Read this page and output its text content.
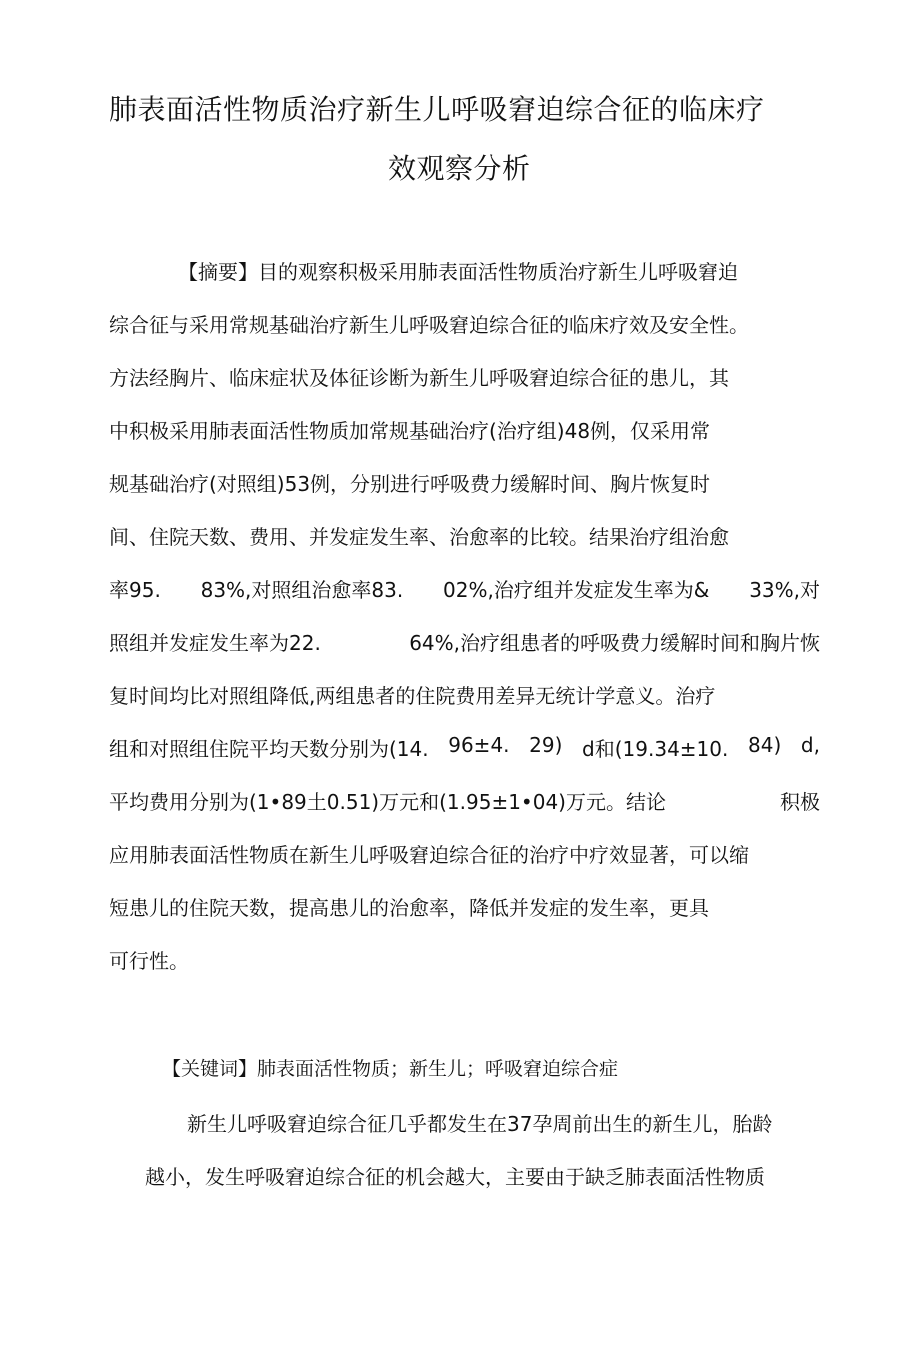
肺表面活性物质治疗新生儿呼吸窘迫综合征的临床疗
效观察分析
【摘要】目的观察积极采用肺表面活性物质治疗新生儿呼吸窘迫
综合征与采用常规基础治疗新生儿呼吸窘迫综合征的临床疗效及安全性。
方法经胸片、临床症状及体征诊断为新生儿呼吸窘迫综合征的患儿，其
中积极采用肺表面活性物质加常规基础治疗(治疗组)48例，仅采用常
规基础治疗(对照组)53例，分别进行呼吸费力缓解时间、胸片恢复时
间、住院天数、费用、并发症发生率、治愈率的比较。结果治疗组治愈
率95. 83%,对照组治愈率83. 02%,治疗组并发症发生率为& 33%,对
照组并发症发生率为22.	64%,治疗组患者的呼吸费力缓解时间和胸片恢
复时间均比对照组降低,两组患者的住院费用差异无统计学意义。治疗
组和对照组住院平均天数分别为(14. 96±4. 29) d和(19.34±10. 84) d,
平均费用分别为(1•89土0.51)万元和(1.95±1•04)万元。结论	积极
应用肺表面活性物质在新生儿呼吸窘迫综合征的治疗中疗效显著，可以缩
短患儿的住院天数，提高患儿的治愈率，降低并发症的发生率，更具
可行性。
【关键词】肺表面活性物质；新生儿；呼吸窘迫综合症
新生儿呼吸窘迫综合征几乎都发生在37孕周前出生的新生儿，胎龄
越小，发生呼吸窘迫综合征的机会越大，主要由于缺乏肺表面活性物质
